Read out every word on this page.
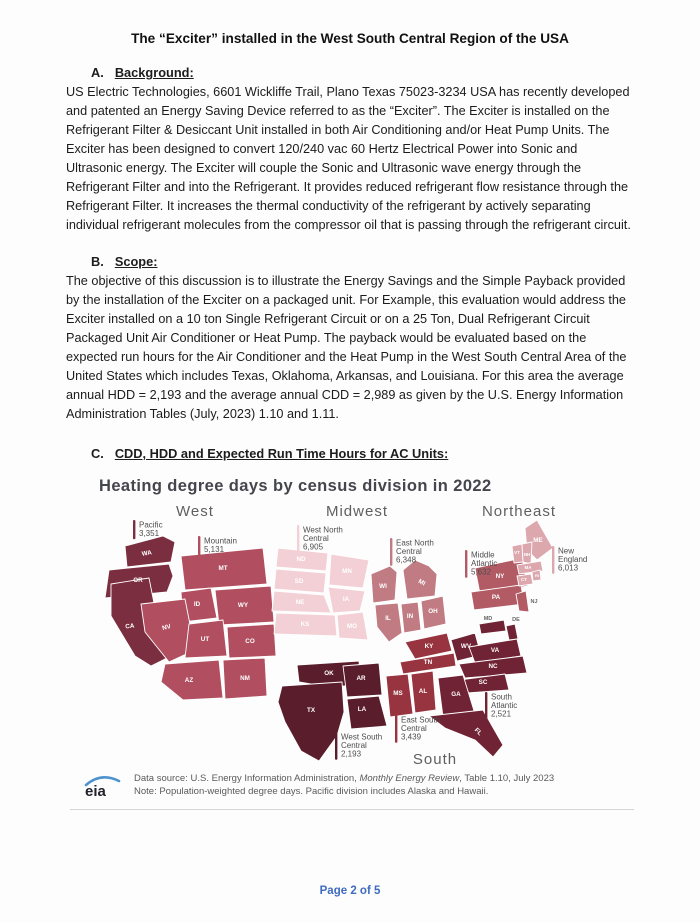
The “Exciter” installed in the West South Central Region of the USA
A. Background:

US Electric Technologies, 6601 Wickliffe Trail, Plano Texas 75023-3234 USA has recently developed and patented an Energy Saving Device referred to as the “Exciter”. The Exciter is installed on the Refrigerant Filter & Desiccant Unit installed in both Air Conditioning and/or Heat Pump Units. The Exciter has been designed to convert 120/240 vac 60 Hertz Electrical Power into Sonic and Ultrasonic energy. The Exciter will couple the Sonic and Ultrasonic wave energy through the Refrigerant Filter and into the Refrigerant. It provides reduced refrigerant flow resistance through the Refrigerant Filter. It increases the thermal conductivity of the refrigerant by actively separating individual refrigerant molecules from the compressor oil that is passing through the refrigerant circuit.

B. Scope:

The objective of this discussion is to illustrate the Energy Savings and the Simple Payback provided by the installation of the Exciter on a packaged unit. For Example, this evaluation would address the Exciter installed on a 10 ton Single Refrigerant Circuit or on a 25 Ton, Dual Refrigerant Circuit Packaged Unit Air Conditioner or Heat Pump. The payback would be evaluated based on the expected run hours for the Air Conditioner and the Heat Pump in the West South Central Area of the United States which includes Texas, Oklahoma, Arkansas, and Louisiana. For this area the average annual HDD = 2,193 and the average annual CDD = 2,989 as given by the U.S. Energy Information Administration Tables (July, 2023) 1.10 and 1.11.

C. CDD, HDD and Expected Run Time Hours for AC Units:
Heating degree days by census division in 2022
WA
OR
CA
MT
ID	WY
NV
UT	CO
AZ	NM
ND
MN
SD
NE	IA
KS	MO
WI	MI
IL	IN
OH
OK
TX
AR
LA
KY
TN
MS	AL
WV
MD	DE
VA
NC
SC
GA
FL
NY
PA
NJ
ME
VT NH
MA
CT
RI
Pacific 3,351
Mountain 5,131
West North Central 6,905	East North Central 6,348
Middle Atlantic 5,632
New England 6,013
West South Central 2,193
East South Central 3,439
South Atlantic 2,521
West	Midwest	Northeast
South
eia
Data source: U.S. Energy Information Administration, Monthly Energy Review, Table 1.10, July 2023
Note: Population-weighted degree days. Pacific division includes Alaska and Hawaii.
Page 2 of 5
